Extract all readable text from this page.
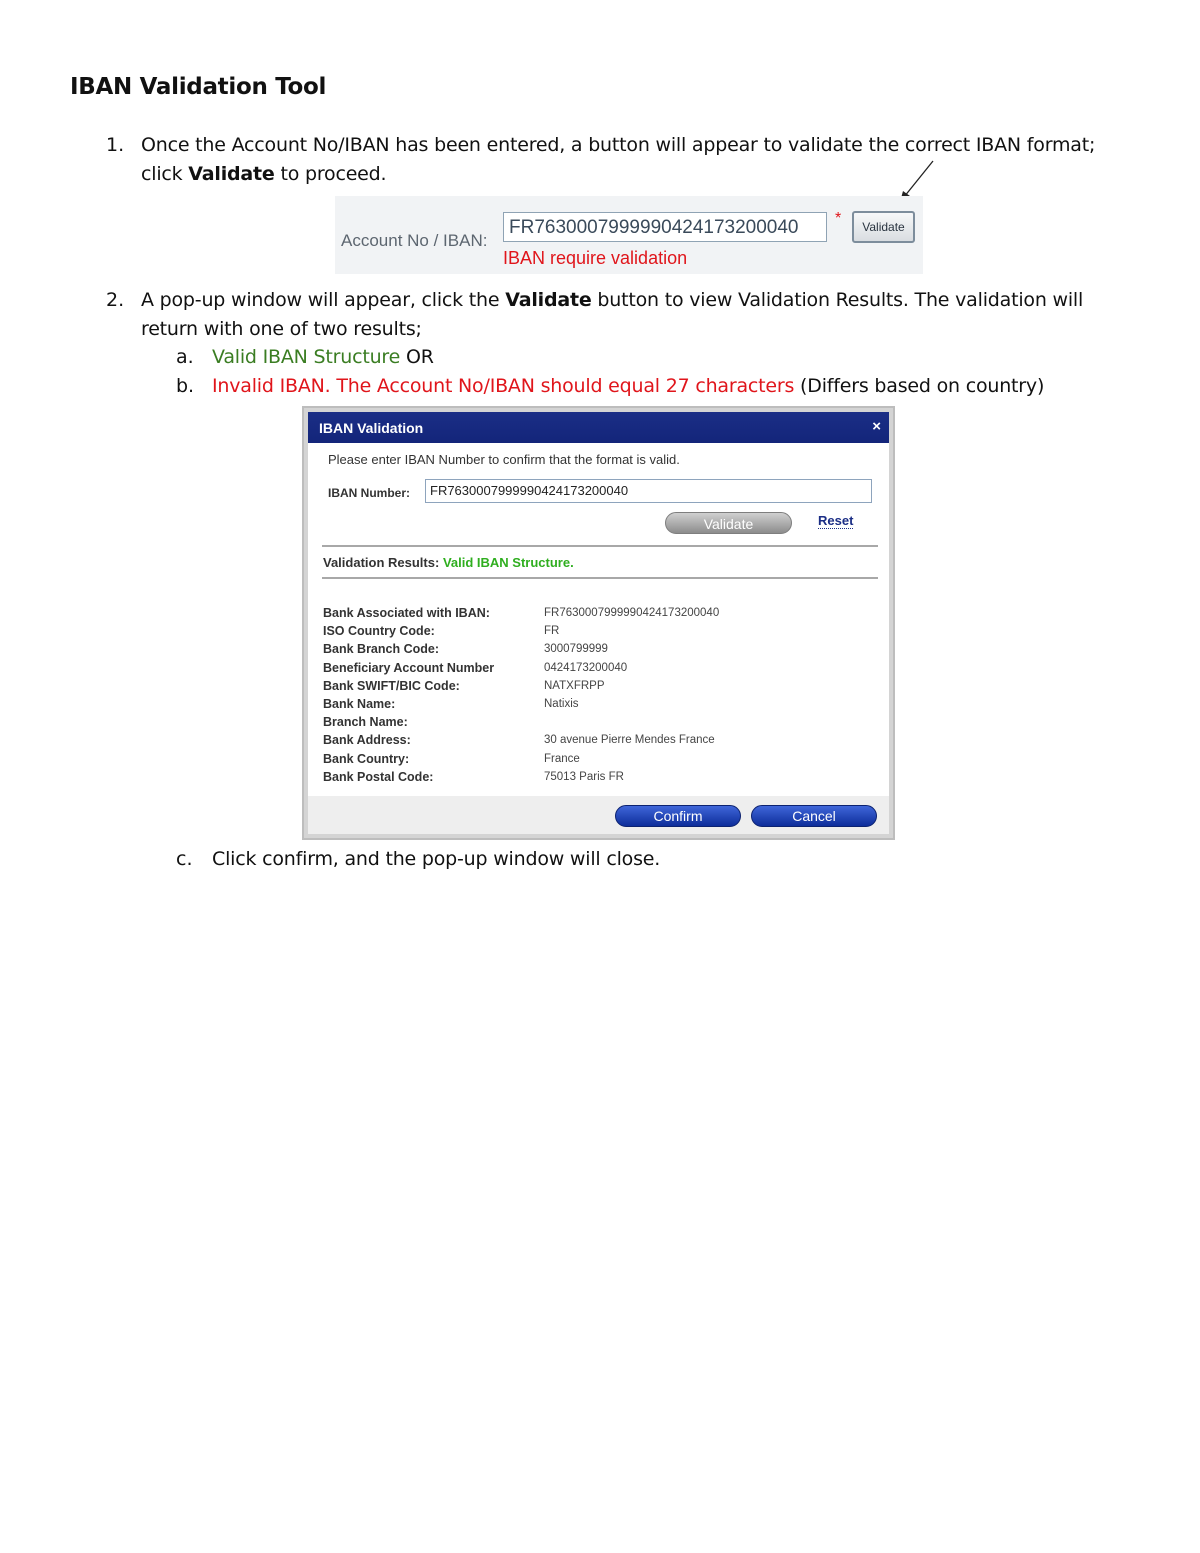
IBAN Validation Tool
1. Once the Account No/IBAN has been entered, a button will appear to validate the correct IBAN format;
click Validate to proceed.
Account No / IBAN:
FR7630007999990424173200040	*	Validate
IBAN require validation
2. A pop-up window will appear, click the Validate button to view Validation Results. The validation will
return with one of two results;
a. Valid IBAN Structure OR
b. Invalid IBAN. The Account No/IBAN should equal 27 characters (Differs based on country)
IBAN Validation	×
Please enter IBAN Number to confirm that the format is valid.
IBAN Number:	FR7630007999990424173200040
Validate	Reset
Validation Results: Valid IBAN Structure.
Bank Associated with IBAN:	FR7630007999990424173200040
ISO Country Code:	FR
Bank Branch Code:	3000799999
Beneficiary Account Number	0424173200040
Bank SWIFT/BIC Code:	NATXFRPP
Bank Name:	Natixis
Branch Name:
Bank Address:	30 avenue Pierre Mendes France
Bank Country:	France
Bank Postal Code:	75013 Paris FR
Confirm	Cancel
c. Click confirm, and the pop-up window will close.
